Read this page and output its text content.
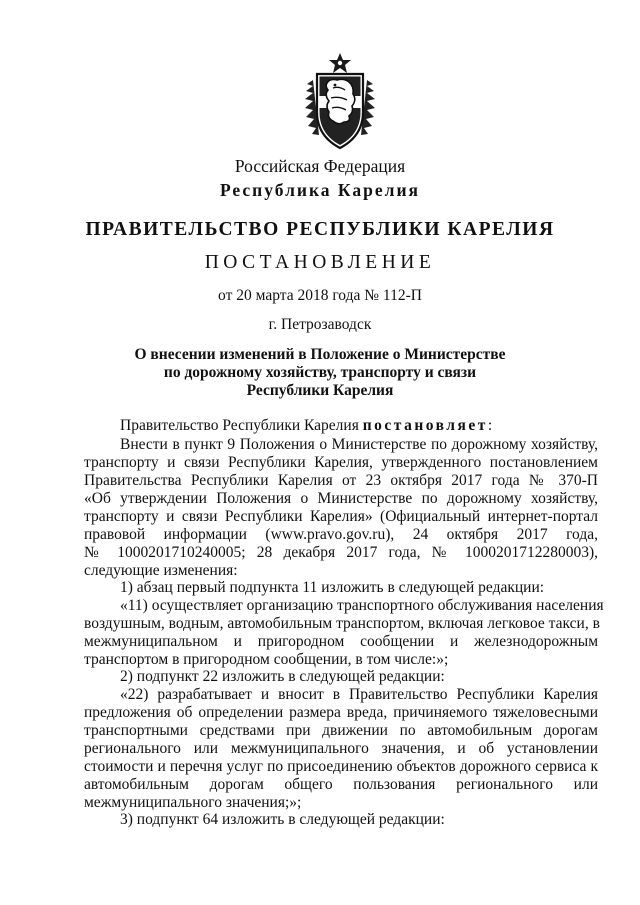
Российская Федерация
Республика Карелия
ПРАВИТЕЛЬСТВО РЕСПУБЛИКИ КАРЕЛИЯ
ПОСТАНОВЛЕНИЕ
от 20 марта 2018 года № 112-П
г. Петрозаводск
О внесении изменений в Положение о Министерстве
по дорожному хозяйству, транспорту и связи
Республики Карелия
Правительство Республики Карелия постановляет:
Внести в пункт 9 Положения о Министерстве по дорожному хозяйству,
транспорту и связи Республики Карелия, утвержденного постановлением
Правительства Республики Карелия от 23 октября 2017 года № 370-П
«Об утверждении Положения о Министерстве по дорожному хозяйству,
транспорту и связи Республики Карелия» (Официальный интернет-портал
правовой информации (www.pravo.gov.ru), 24 октября 2017 года,
№ 1000201710240005; 28 декабря 2017 года, № 1000201712280003),
следующие изменения:
1) абзац первый подпункта 11 изложить в следующей редакции:
«11) осуществляет организацию транспортного обслуживания населения
воздушным, водным, автомобильным транспортом, включая легковое такси, в
межмуниципальном и пригородном сообщении и железнодорожным
транспортом в пригородном сообщении, в том числе:»;
2) подпункт 22 изложить в следующей редакции:
«22) разрабатывает и вносит в Правительство Республики Карелия
предложения об определении размера вреда, причиняемого тяжеловесными
транспортными средствами при движении по автомобильным дорогам
регионального или межмуниципального значения, и об установлении
стоимости и перечня услуг по присоединению объектов дорожного сервиса к
автомобильным дорогам общего пользования регионального или
межмуниципального значения;»;
3) подпункт 64 изложить в следующей редакции:
